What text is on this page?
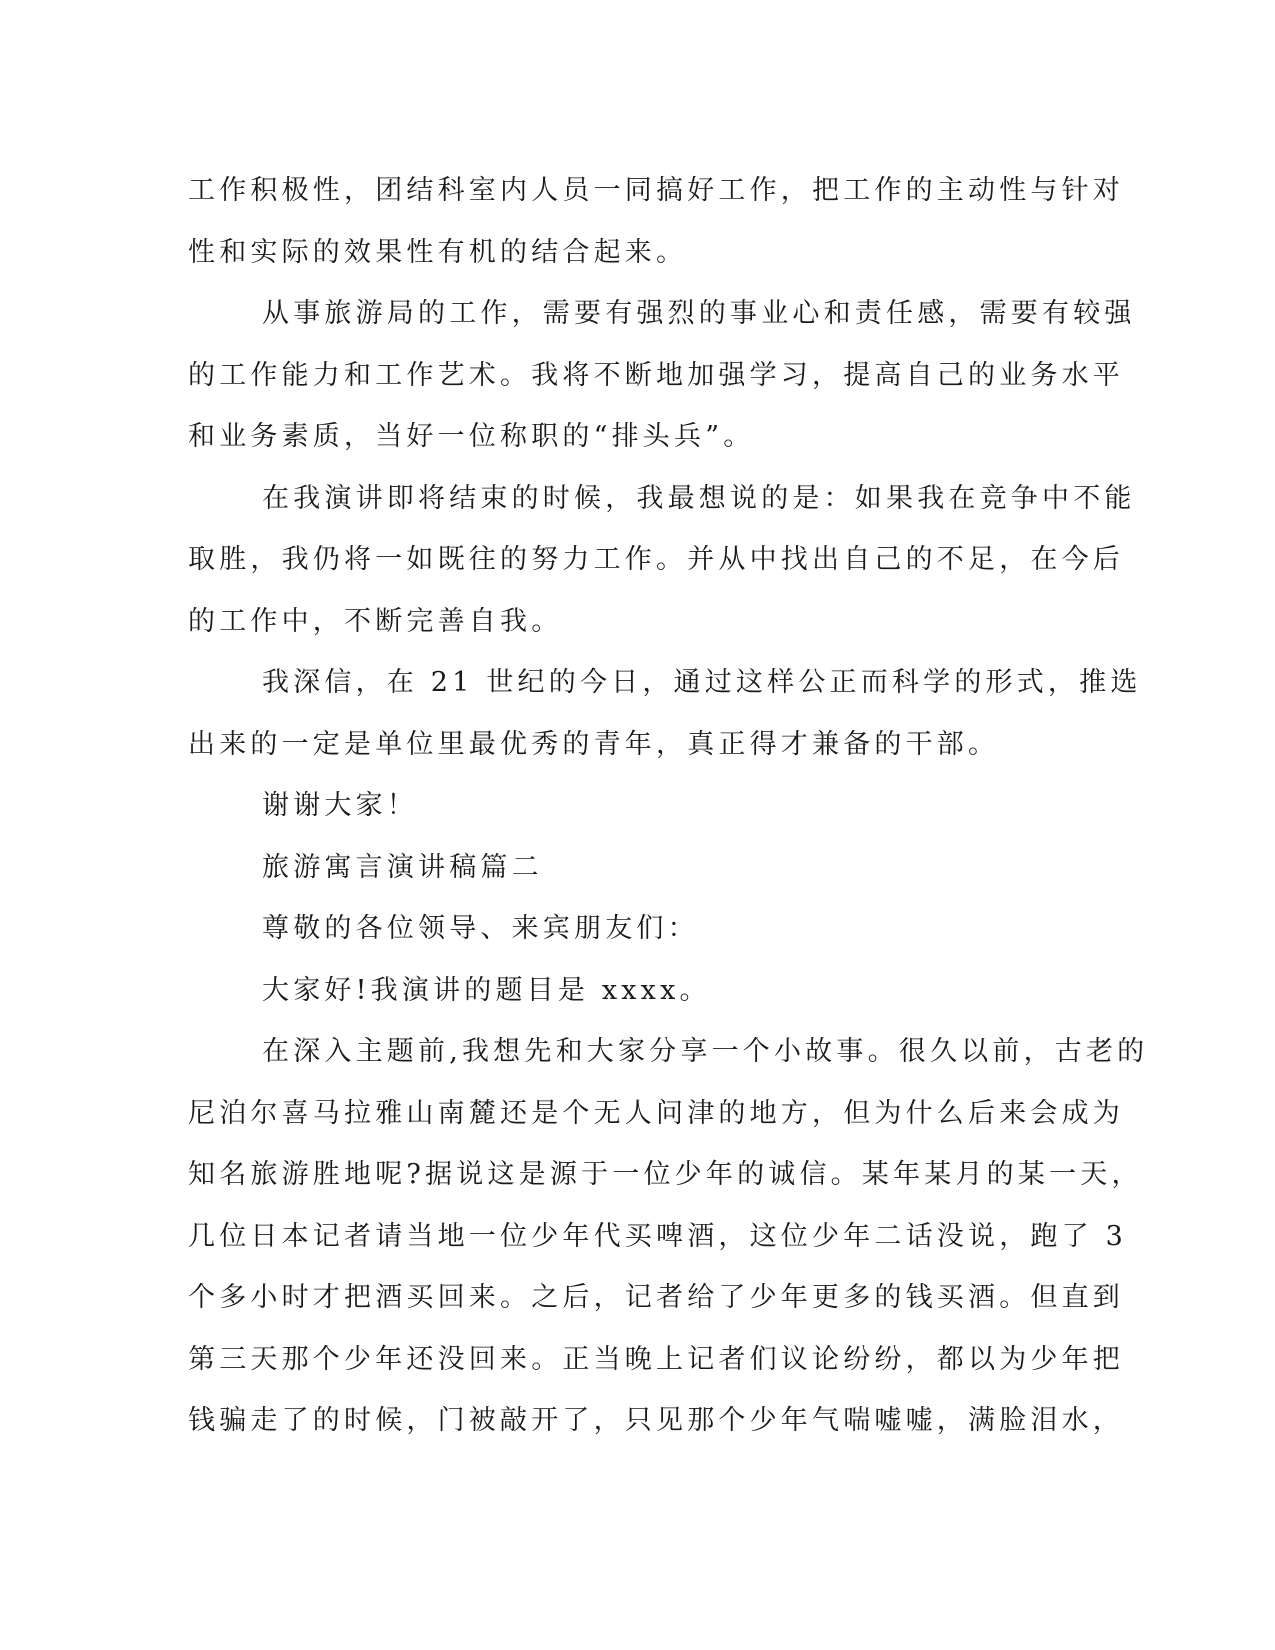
工作积极性，团结科室内人员一同搞好工作，把工作的主动性与针对

性和实际的效果性有机的结合起来。

从事旅游局的工作，需要有强烈的事业心和责任感，需要有较强

的工作能力和工作艺术。我将不断地加强学习，提高自己的业务水平

和业务素质，当好一位称职的“排头兵”。

在我演讲即将结束的时候，我最想说的是：如果我在竞争中不能

取胜，我仍将一如既往的努力工作。并从中找出自己的不足，在今后

的工作中，不断完善自我。

我深信，在 21 世纪的今日，通过这样公正而科学的形式，推选

出来的一定是单位里最优秀的青年，真正得才兼备的干部。

谢谢大家！

旅游寓言演讲稿篇二

尊敬的各位领导、来宾朋友们：

大家好!我演讲的题目是 xxxx。

在深入主题前,我想先和大家分享一个小故事。很久以前，古老的

尼泊尔喜马拉雅山南麓还是个无人问津的地方，但为什么后来会成为

知名旅游胜地呢?据说这是源于一位少年的诚信。某年某月的某一天，

几位日本记者请当地一位少年代买啤酒，这位少年二话没说，跑了 3

个多小时才把酒买回来。之后，记者给了少年更多的钱买酒。但直到

第三天那个少年还没回来。正当晚上记者们议论纷纷，都以为少年把

钱骗走了的时候，门被敲开了，只见那个少年气喘嘘嘘，满脸泪水，
